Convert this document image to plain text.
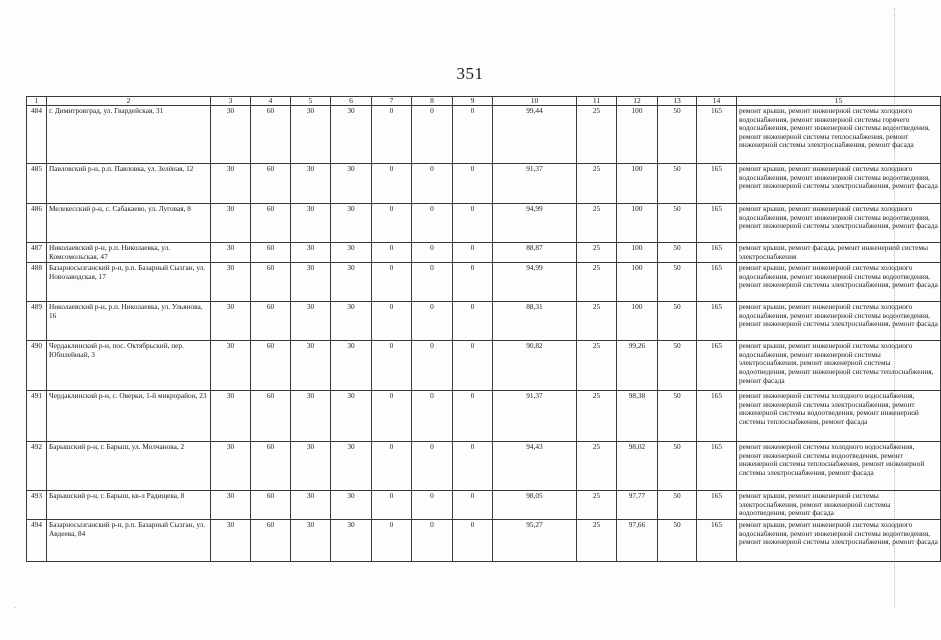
·
351
1	2	3	4	5	6	7	8	9	10	11	12	13	14	15
484	г. Димитровград, ул. Гвардейская, 31	30	60	30	30	0	0	0	99,44	25	100	50	165	ремонт крыши, ремонт инженерной системы холодного водоснабжения, ремонт инженерной системы горячего водоснабжения, ремонт инженерной системы водоотведения, ремонт инженерной системы теплоснабжения, ремонт инженерной системы электроснабжения, ремонт фасада
485	Павловский р-н, р.п. Павловка, ул. Зелёная, 12	30	60	30	30	0	0	0	91,37	25	100	50	165	ремонт крыши, ремонт инженерной системы холодного водоснабжения, ремонт инженерной системы водоотведения, ремонт инженерной системы электроснабжения, ремонт фасада
486	Мелекесский р-н, с. Сабакаево, ул. Луговая, 8	30	60	30	30	0	0	0	94,99	25	100	50	165	ремонт крыши, ремонт инженерной системы холодного водоснабжения, ремонт инженерной системы водоотведения, ремонт инженерной системы электроснабжения, ремонт фасада
487	Николаевский р-н, р.п. Николаевка, ул. Комсомольская, 47	30	60	30	30	0	0	0	88,87	25	100	50	165	ремонт крыши, ремонт фасада, ремонт инженерной системы электроснабжения
488	Базарносызганский р-н, р.п. Базарный Сызган, ул. Новозаводская, 17	30	60	30	30	0	0	0	94,99	25	100	50	165	ремонт крыши, ремонт инженерной системы холодного водоснабжения, ремонт инженерной системы водоотведения, ремонт инженерной системы электроснабжения, ремонт фасада
489	Николаевский р-н, р.п. Николаевка, ул. Ульянова, 16	30	60	30	30	0	0	0	88,31	25	100	50	165	ремонт крыши, ремонт инженерной системы холодного водоснабжения, ремонт инженерной системы водоотведения, ремонт инженерной системы электроснабжения, ремонт фасада
490	Чердаклинский р-н, пос. Октябрьский, пер. Юбилейный, 3	30	60	30	30	0	0	0	90,82	25	99,26	50	165	ремонт крыши, ремонт инженерной системы холодного водоснабжения, ремонт инженерной системы электроснабжения, ремонт инженерной системы водоотведения, ремонт инженерной системы теплоснабжения, ремонт фасада
491	Чердаклинский р-н, с. Оверки, 1-й микрорайон, 23	30	60	30	30	0	0	0	91,37	25	98,38	50	165	ремонт инженерной системы холодного водоснабжения, ремонт инженерной системы электроснабжения, ремонт инженерной системы водоотведения, ремонт инженерной системы теплоснабжения, ремонт фасада
492	Барышский р-н, г. Барыш, ул. Молчанова, 2	30	60	30	30	0	0	0	94,43	25	98,02	50	165	ремонт инженерной системы холодного водоснабжения, ремонт инженерной системы водоотведения, ремонт инженерной системы теплоснабжения, ремонт инженерной системы электроснабжения, ремонт фасада
493	Барышский р-н, г. Барыш, кв-л Радищева, 8	30	60	30	30	0	0	0	98,05	25	97,77	50	165	ремонт крыши, ремонт инженерной системы электроснабжения, ремонт инженерной системы водоотведения, ремонт фасада
494	Базарносызганский р-н, р.п. Базарный Сызган, ул. Авдеева, 84	30	60	30	30	0	0	0	95,27	25	97,66	50	165	ремонт крыши, ремонт инженерной системы холодного водоснабжения, ремонт инженерной системы водоотведения, ремонт инженерной системы электроснабжения, ремонт фасада
